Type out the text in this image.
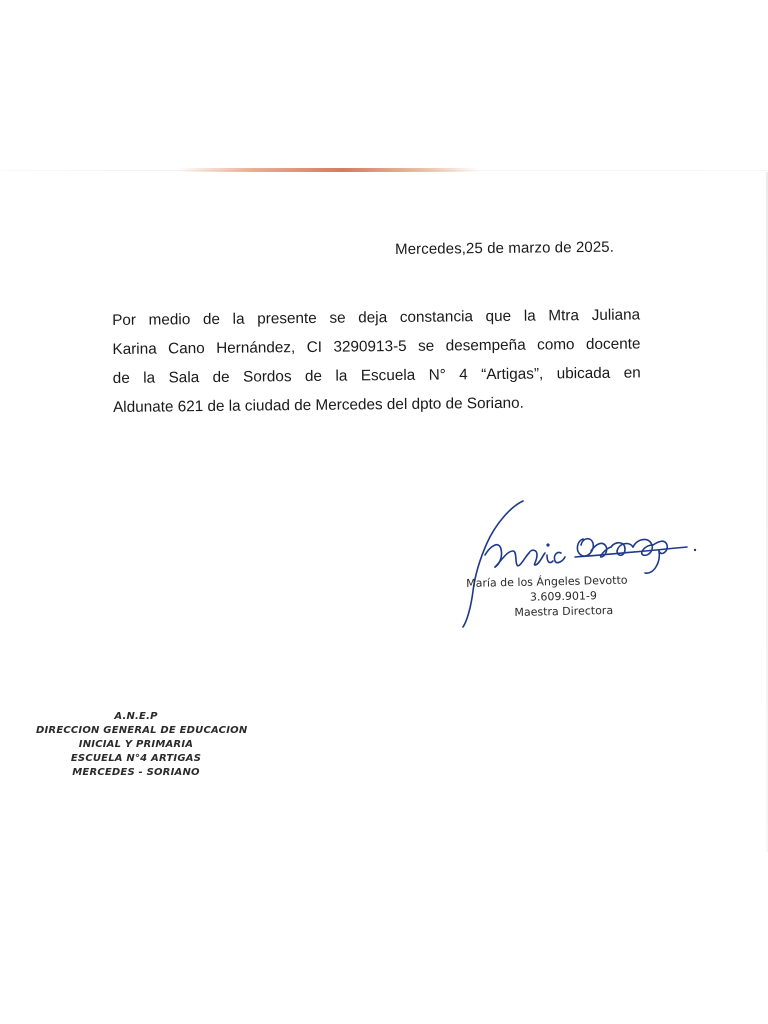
Mercedes,25 de marzo de 2025.
Por medio de la presente se deja constancia que la Mtra Juliana
Karina Cano Hernández, CI 3290913-5 se desempeña como docente
de la Sala de Sordos de la Escuela N° 4 “Artigas”, ubicada en
Aldunate 621 de la ciudad de Mercedes del dpto de Soriano.
María de los Ángeles Devotto
3.609.901-9
Maestra Directora
A.N.E.P
DIRECCION GENERAL DE EDUCACION
INICIAL Y PRIMARIA
ESCUELA N°4 ARTIGAS
MERCEDES - SORIANO
